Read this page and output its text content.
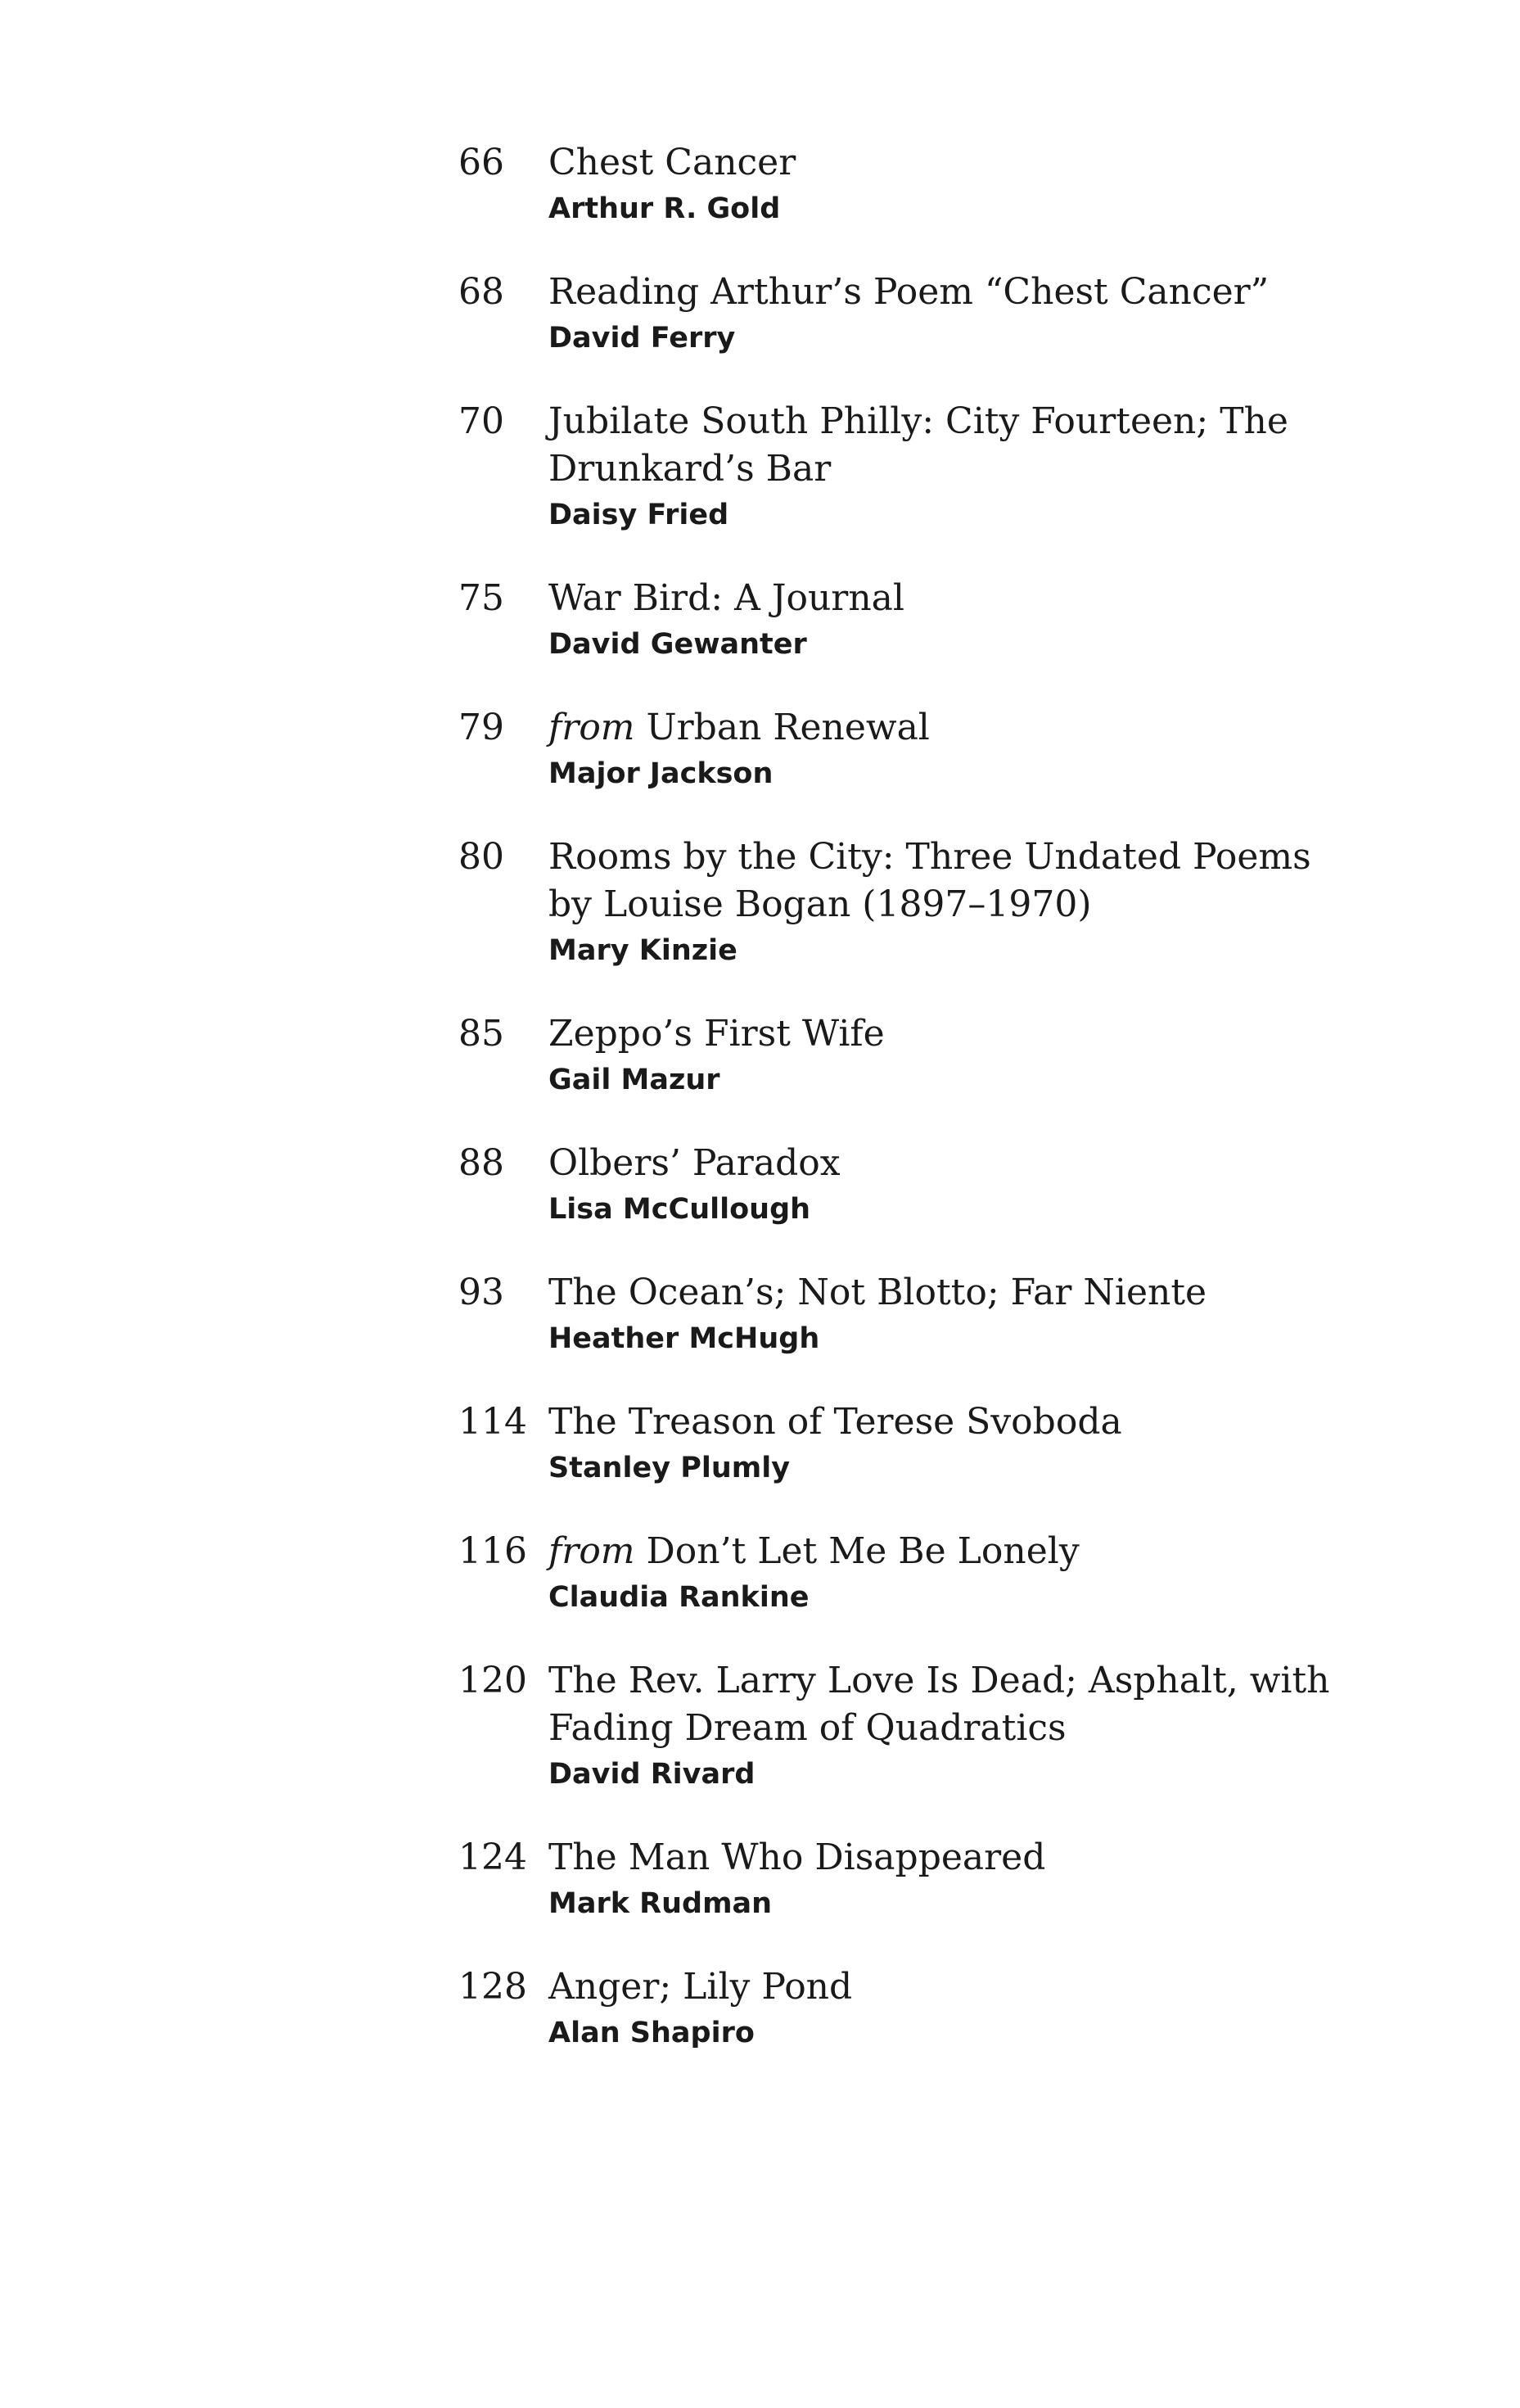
66 Chest Cancer
Arthur R. Gold
68 Reading Arthur’s Poem “Chest Cancer”
David Ferry
70 Jubilate South Philly: City Fourteen; The
Drunkard’s Bar
Daisy Fried
75 War Bird: A Journal
David Gewanter
79 from Urban Renewal
Major Jackson
80 Rooms by the City: Three Undated Poems
by Louise Bogan (1897–1970)
Mary Kinzie
85 Zeppo’s First Wife
Gail Mazur
88 Olbers’ Paradox
Lisa McCullough
93 The Ocean’s; Not Blotto; Far Niente
Heather McHugh
114 The Treason of Terese Svoboda
Stanley Plumly
116 from Don’t Let Me Be Lonely
Claudia Rankine
120 The Rev. Larry Love Is Dead; Asphalt, with
Fading Dream of Quadratics
David Rivard
124 The Man Who Disappeared
Mark Rudman
128 Anger; Lily Pond
Alan Shapiro
